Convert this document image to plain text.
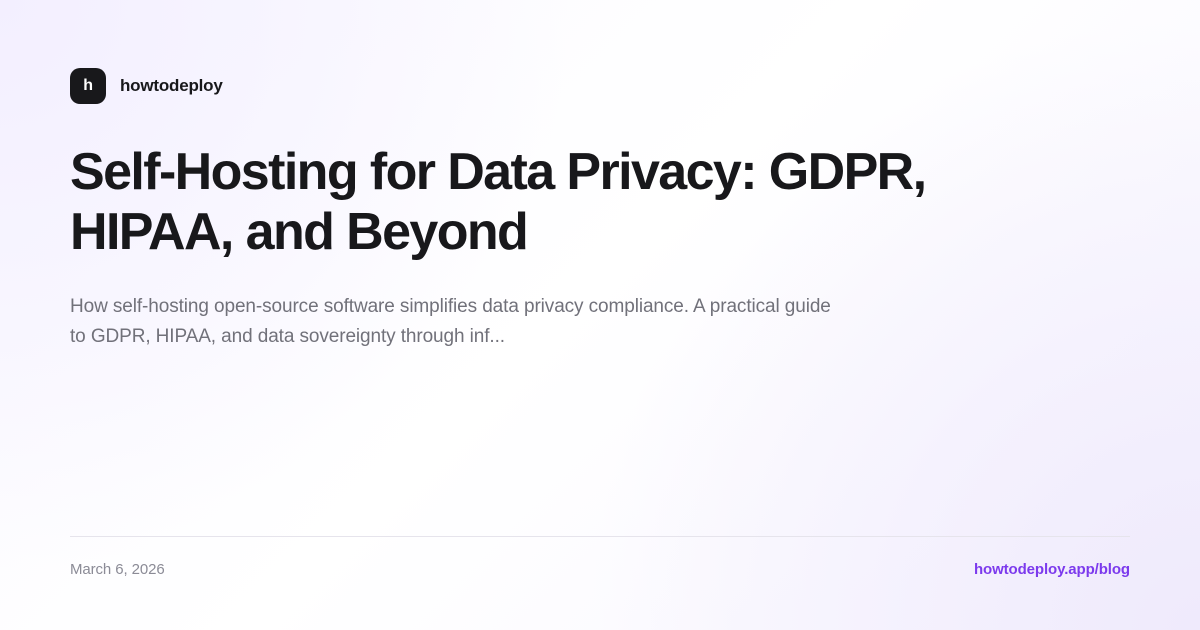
h	howtodeploy
Self-Hosting for Data Privacy: GDPR, HIPAA, and Beyond

How self-hosting open-source software simplifies data privacy compliance. A practical guide to GDPR, HIPAA, and data sovereignty through inf...

March 6, 2026	howtodeploy.app/blog
